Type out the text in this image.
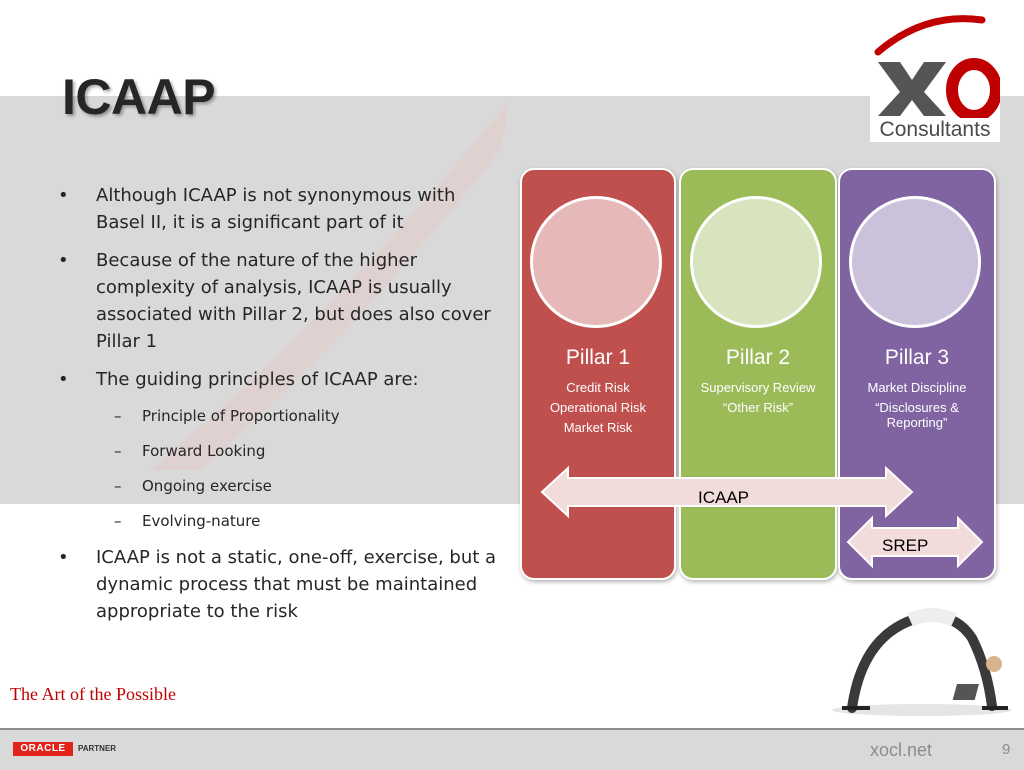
ICAAP
Consultants
• Although ICAAP is not synonymous with Basel II, it is a significant part of it
• Because of the nature of the higher complexity of analysis, ICAAP is usually associated with Pillar 2, but does also cover Pillar 1
• The guiding principles of ICAAP are:
– Principle of Proportionality
– Forward Looking
– Ongoing exercise
– Evolving-nature
• ICAAP is not a static, one-off, exercise, but a dynamic process that must be maintained appropriate to the risk
Pillar 1
Credit Risk
Operational Risk
Market Risk
Pillar 2
Supervisory Review
“Other Risk”
Pillar 3
Market Discipline
“Disclosures & Reporting”
ICAAP
SREP
The Art of the Possible
ORACLE	PARTNER	xocl.net	9
